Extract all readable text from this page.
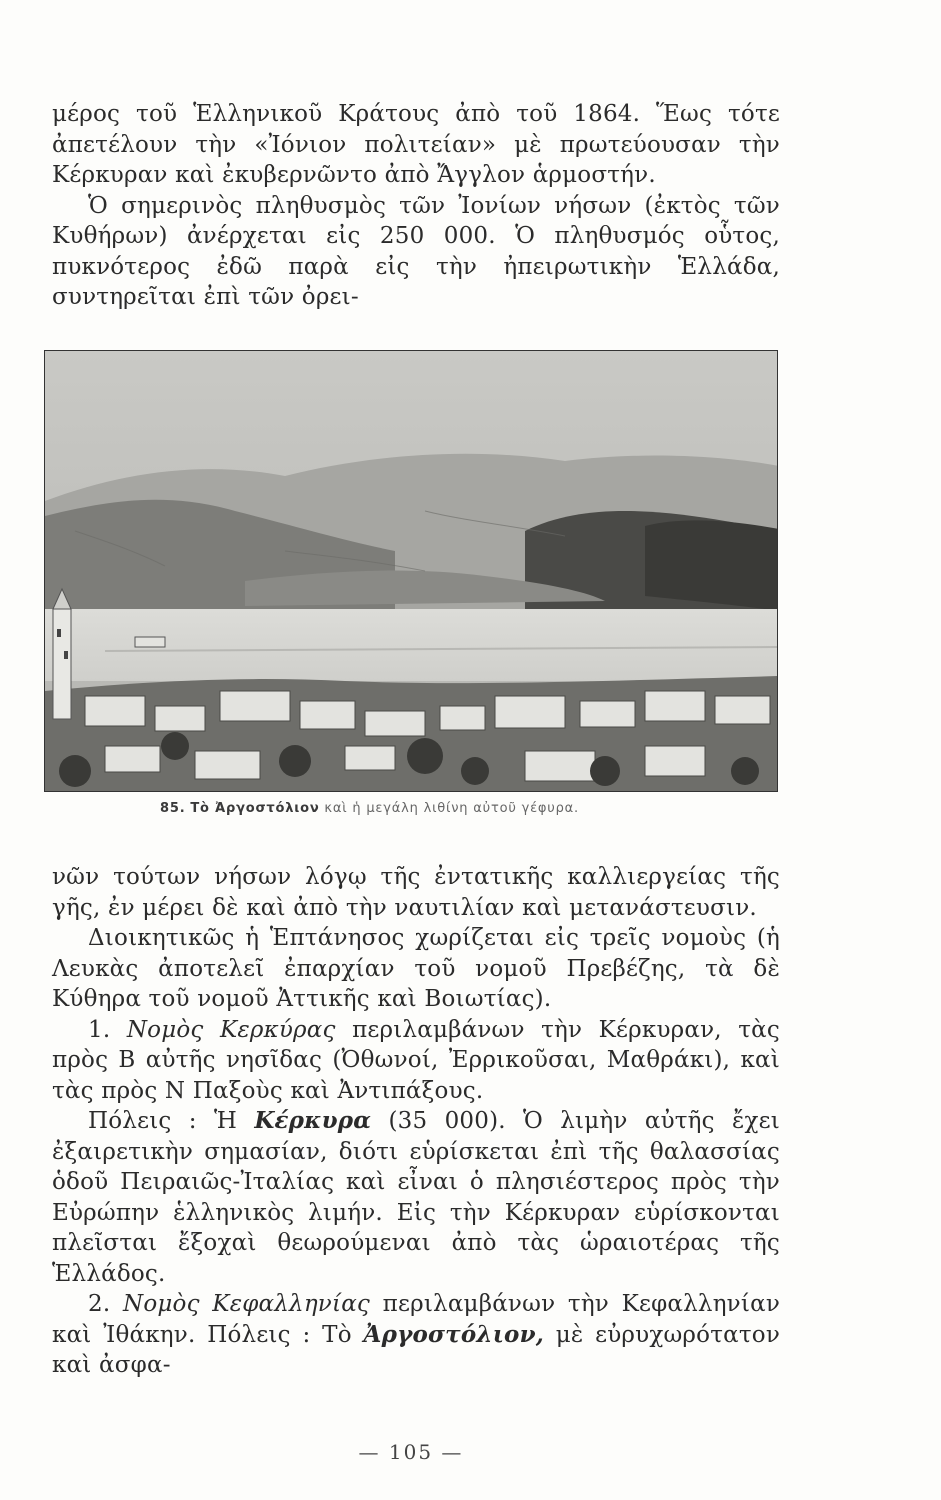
μέρος τοῦ Ἑλληνικοῦ Κράτους ἀπὸ τοῦ 1864. Ἕως τότε ἀπετέλουν τὴν «Ἰόνιον πολιτείαν» μὲ πρωτεύουσαν τὴν Κέρκυραν καὶ ἐκυβερνῶντο ἀπὸ Ἄγγλον ἁρμοστήν.

Ὁ σημερινὸς πληθυσμὸς τῶν Ἰονίων νήσων (ἐκτὸς τῶν Κυθήρων) ἀνέρχεται εἰς 250 000. Ὁ πληθυσμός οὗτος, πυκνότερος ἐδῶ παρὰ εἰς τὴν ἠπειρωτικὴν Ἑλλάδα, συντηρεῖται ἐπὶ τῶν ὀρει-

85. Τὸ Ἀργοστόλιον καὶ ἡ μεγάλη λιθίνη αὐτοῦ γέφυρα.

νῶν τούτων νήσων λόγῳ τῆς ἐντατικῆς καλλιεργείας τῆς γῆς, ἐν μέρει δὲ καὶ ἀπὸ τὴν ναυτιλίαν καὶ μετανάστευσιν.

Διοικητικῶς ἡ Ἑπτάνησος χωρίζεται εἰς τρεῖς νομοὺς (ἡ Λευκὰς ἀποτελεῖ ἐπαρχίαν τοῦ νομοῦ Πρεβέζης, τὰ δὲ Κύθηρα τοῦ νομοῦ Ἀττικῆς καὶ Βοιωτίας).

1. Νομὸς Κερκύρας περιλαμβάνων τὴν Κέρκυραν, τὰς πρὸς Β αὐτῆς νησῖδας (Ὀθωνοί, Ἐρρικοῦσαι, Μαθράκι), καὶ τὰς πρὸς Ν Παξοὺς καὶ Ἀντιπάξους.

Πόλεις : Ἡ Κέρκυρα (35 000). Ὁ λιμὴν αὐτῆς ἔχει ἐξαιρετικὴν σημασίαν, διότι εὑρίσκεται ἐπὶ τῆς θαλασσίας ὁδοῦ Πειραιῶς-Ἰταλίας καὶ εἶναι ὁ πλησιέστερος πρὸς τὴν Εὐρώπην ἑλληνικὸς λιμήν. Εἰς τὴν Κέρκυραν εὑρίσκονται πλεῖσται ἔξοχαὶ θεωρούμεναι ἀπὸ τὰς ὡραιοτέρας τῆς Ἑλλάδος.

2. Νομὸς Κεφαλληνίας περιλαμβάνων τὴν Κεφαλληνίαν καὶ Ἰθάκην. Πόλεις : Τὸ Ἀργοστόλιον, μὲ εὐρυχωρότατον καὶ ἀσφα-

— 105 —
